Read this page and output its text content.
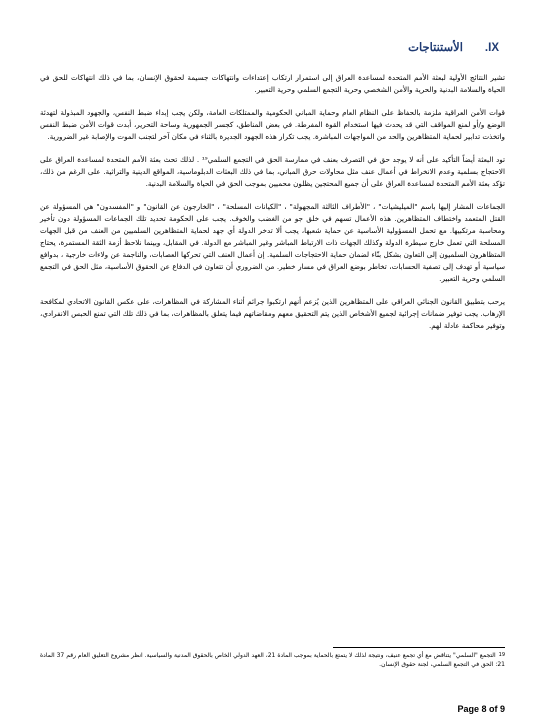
IX.الأستنتاجات

تشير النتائج الأولية لبعثة الأمم المتحدة لمساعدة العراق إلى استمرار ارتكاب إعتداءات وانتهاكات جسيمة لحقوق الإنسان، بما في ذلك انتهاكات للحق في الحياة والسلامة البدنية والحرية والأمن الشخصي وحرية التجمع السلمي وحرية التعبير.

قوات الأمن العراقية ملزمة بالحفاظ على النظام العام وحماية المباني الحكومية والممتلكات العامة، ولكن يجب إبداء ضبط النفس، والجهود المبذولة لتهدئة الوضع و/أو لمنع المواقف التي قد يحدث فيها استخدام القوة المفرطة. في بعض المناطق، كجسر الجمهورية وساحة التحرير، أبدت قوات الأمن ضبط النفس واتخذت تدابير لحماية المتظاهرين والحد من المواجهات المباشرة. يجب تكرار هذه الجهود الجديرة بالثناء في مكان آخر لتجنب الموت والإصابة غير الضرورية.

تود البعثة أيضاً التأكيد على أنه لا يوجد حق في التصرف بعنف في ممارسة الحق في التجمع السلمي¹⁹ . لذلك تحث بعثة الأمم المتحدة لمساعدة العراق على الاحتجاج بسلمية وعدم الانخراط في أعمال عنف مثل محاولات حرق المباني، بما في ذلك البعثات الدبلوماسية، المواقع الدينية والتراثية. على الرغم من ذلك، تؤكد بعثة الأمم المتحدة لمساعدة العراق على أن جميع المحتجين يظلون محميين بموجب الحق في الحياة والسلامة البدنية.

الجماعات المشار إليها باسم "الميليشيات" ، "الأطراف الثالثة المجهولة" ، "الكيانات المسلحة" ، "الخارجون عن القانون" و "المفسدون" هي المسؤولة عن القتل المتعمد واختطاف المتظاهرين. هذه الأعمال تسهم في خلق جو من الغضب والخوف. يجب على الحكومة تحديد تلك الجماعات المسؤولة دون تأخير ومحاسبة مرتكبيها. مع تحمل المسؤولية الأساسية عن حماية شعبها، يجب ألا تدخر الدولة أي جهد لحماية المتظاهرين السلميين من العنف من قبل الجهات المسلحة التي تعمل خارج سيطرة الدولة وكذلك الجهات ذات الارتباط المباشر وغير المباشر مع الدولة. في المقابل، وبينما نلاحظ أزمة الثقة المستمرة، يحتاج المتظاهرون السلميون إلى التعاون بشكل بنّاء لضمان حماية الاحتجاجات السلمية. إن أعمال العنف التي تحركها العصابات، والناجمة عن ولاءات خارجية ، بدوافع سياسية أو تهدف إلى تصفية الحسابات، تخاطر بوضع العراق في مسار خطير. من الضروري أن تتعاون في الدفاع عن الحقوق الأساسية، مثل الحق في التجمع السلمي وحرية التعبير.

يرحب بتطبيق القانون الجنائي العراقي على المتظاهرين الذين يُزعم أنهم ارتكبوا جرائم أثناء المشاركة في المظاهرات، على عكس القانون الاتحادي لمكافحة الإرهاب. يجب توفير ضمانات إجرائية لجميع الأشخاص الذين يتم التحقيق معهم ومقاضاتهم فيما يتعلق بالمظاهرات، بما في ذلك تلك التي تمنع الحبس الانفرادي، وتوفير محاكمة عادلة لهم.

$^{19}$التجمع "السلمي" يتناقض مع أي تجمع عنيف، ونتيجة لذلك لا يتمتع بالحماية بموجب المادة 21، العهد الدولي الخاص بالحقوق المدنية والسياسية. انظر مشروع التعليق العام رقم 37 المادة 21: الحق في التجمع السلمي، لجنة حقوق الإنسان.
Page 8 of 9
